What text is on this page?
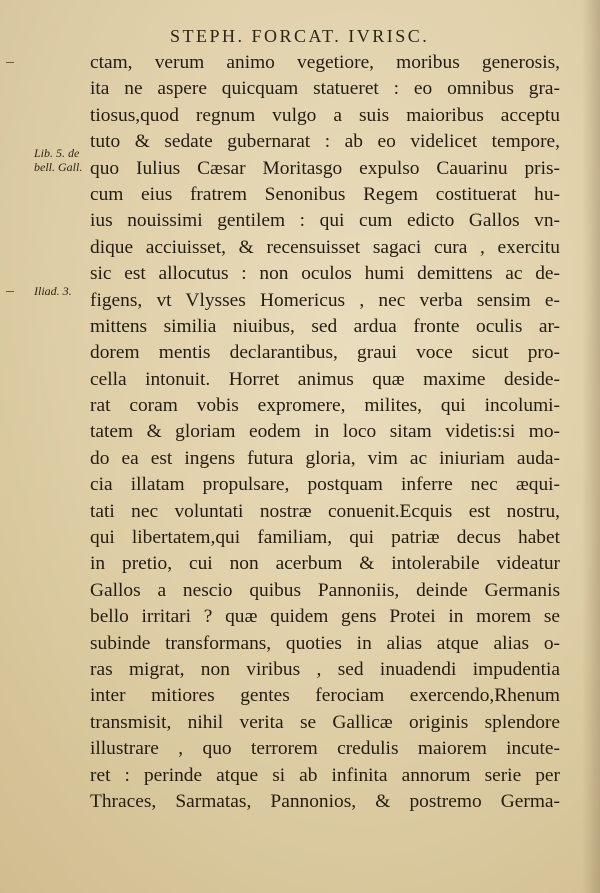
STEPH. FORCAT. IVRISC.
Lib. 5. de
bell. Gall.
Iliad. 3.
ctam, verum animo vegetiore, moribus generosis,
ita ne aspere quicquam statueret : eo omnibus gra-
tiosus,quod regnum vulgo a suis maioribus acceptu
tuto & sedate gubernarat : ab eo videlicet tempore,
quo Iulius Cæsar Moritasgo expulso Cauarinu pris-
cum eius fratrem Senonibus Regem costituerat hu-
ius nouissimi gentilem : qui cum edicto Gallos vn-
dique acciuisset, & recensuisset sagaci cura , exercitu
sic est allocutus : non oculos humi demittens ac de-
figens, vt Vlysses Homericus , nec verba sensim e-
mittens similia niuibus, sed ardua fronte oculis ar-
dorem mentis declarantibus, graui voce sicut pro-
cella intonuit. Horret animus quæ maxime deside-
rat coram vobis expromere, milites, qui incolumi-
tatem & gloriam eodem in loco sitam videtis:si mo-
do ea est ingens futura gloria, vim ac iniuriam auda-
cia illatam propulsare, postquam inferre nec æqui-
tati nec voluntati nostræ conuenit.Ecquis est nostru,
qui libertatem,qui familiam, qui patriæ decus habet
in pretio, cui non acerbum & intolerabile videatur
Gallos a nescio quibus Pannoniis, deinde Germanis
bello irritari ? quæ quidem gens Protei in morem se
subinde transformans, quoties in alias atque alias o-
ras migrat, non viribus , sed inuadendi impudentia
inter mitiores gentes ferociam exercendo,Rhenum
transmisit, nihil verita se Gallicæ originis splendore
illustrare , quo terrorem credulis maiorem incute-
ret : perinde atque si ab infinita annorum serie per
Thraces, Sarmatas, Pannonios, & postremo Germa-
